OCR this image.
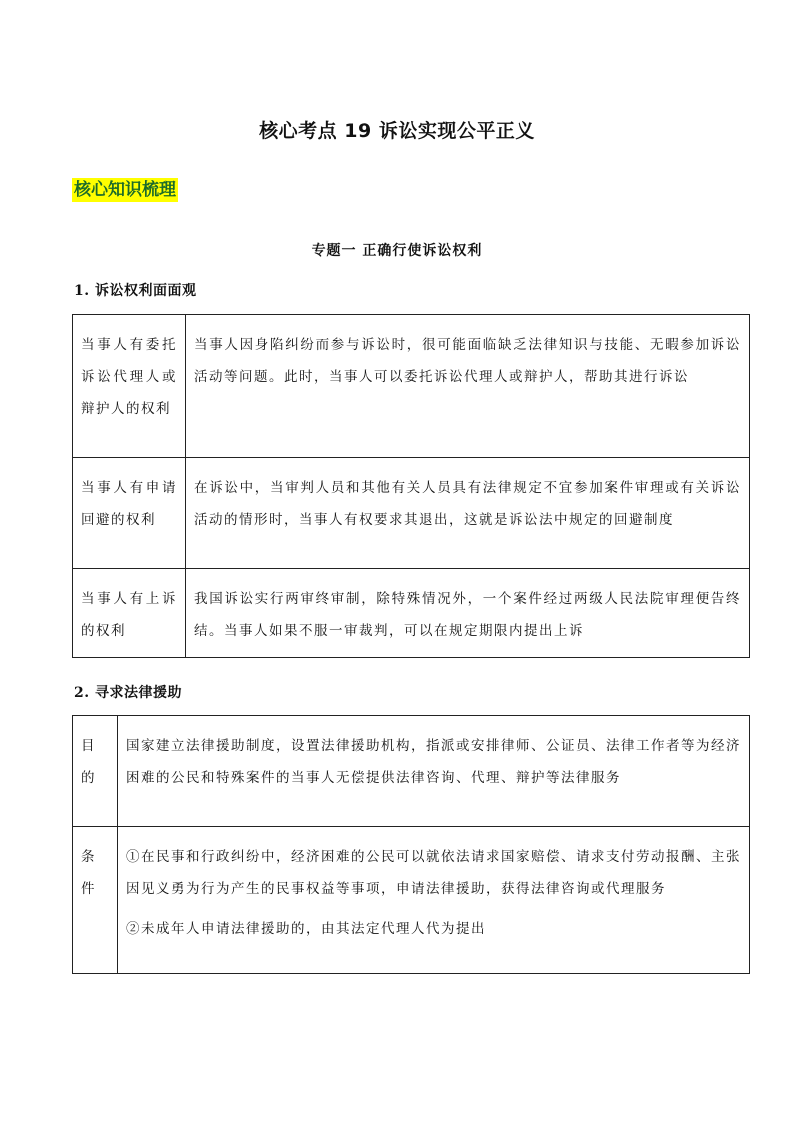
核心考点 19 诉讼实现公平正义
核心知识梳理
专题一 正确行使诉讼权利
1. 诉讼权利面面观
当事人有委托诉讼代理人或辩护人的权利	当事人因身陷纠纷而参与诉讼时，很可能面临缺乏法律知识与技能、无暇参加诉讼活动等问题。此时，当事人可以委托诉讼代理人或辩护人，帮助其进行诉讼
当事人有申请回避的权利	在诉讼中，当审判人员和其他有关人员具有法律规定不宜参加案件审理或有关诉讼活动的情形时，当事人有权要求其退出，这就是诉讼法中规定的回避制度
当事人有上诉的权利	我国诉讼实行两审终审制，除特殊情况外，一个案件经过两级人民法院审理便告终结。当事人如果不服一审裁判，可以在规定期限内提出上诉
2. 寻求法律援助
目的	国家建立法律援助制度，设置法律援助机构，指派或安排律师、公证员、法律工作者等为经济困难的公民和特殊案件的当事人无偿提供法律咨询、代理、辩护等法律服务
条件	①在民事和行政纠纷中，经济困难的公民可以就依法请求国家赔偿、请求支付劳动报酬、主张因见义勇为行为产生的民事权益等事项，申请法律援助，获得法律咨询或代理服务

②未成年人申请法律援助的，由其法定代理人代为提出
